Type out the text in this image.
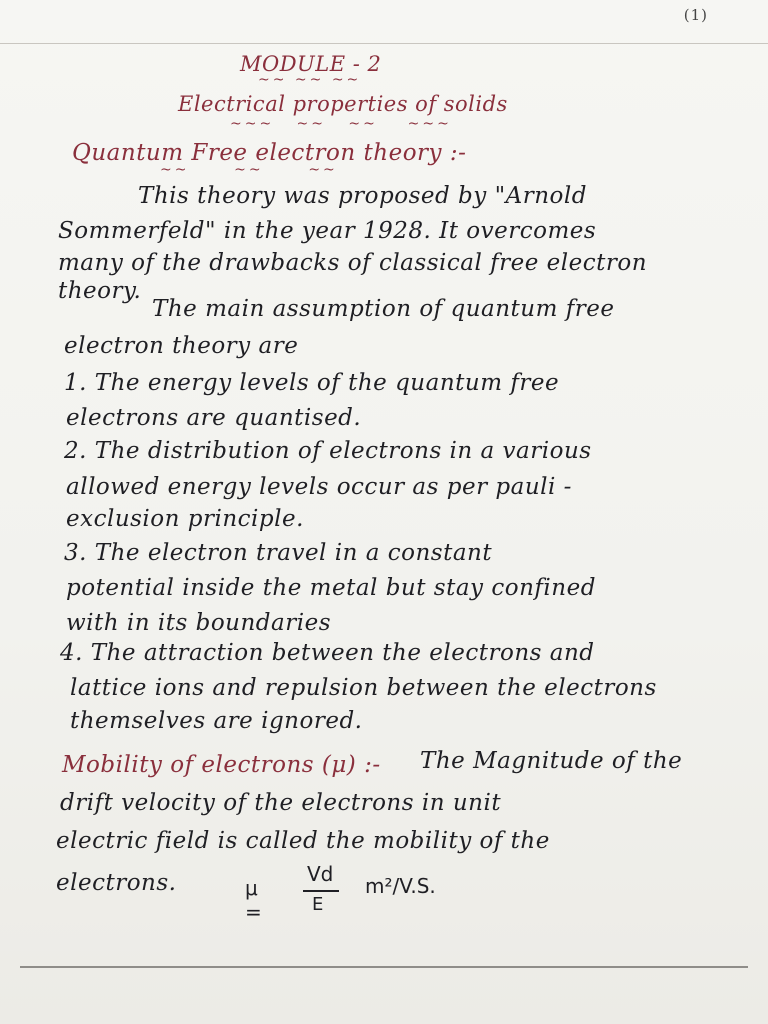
(1)
MODULE - 2
~~ ~~ ~~
Electrical properties of solids
~~~   ~~   ~~    ~~~
Quantum Free electron theory :-
~~      ~~      ~~
This theory was proposed by "Arnold
Sommerfeld" in the year 1928. It overcomes
many of the drawbacks of classical free electron
theory.
The main assumption of quantum free
electron theory are
1. The energy levels of the quantum free
electrons are quantised.
2. The distribution of electrons in a various
allowed energy levels occur as per pauli -
exclusion principle.
3. The electron travel in a constant
potential inside the metal but stay confined
with in its boundaries
4. The attraction between the electrons and
lattice ions and repulsion between the electrons
themselves are ignored.
Mobility of electrons (μ) :- The Magnitude of the
drift velocity of the electrons in unit
electric field is called the mobility of the
electrons.	μ =
Vd
E
m²/V.S.
